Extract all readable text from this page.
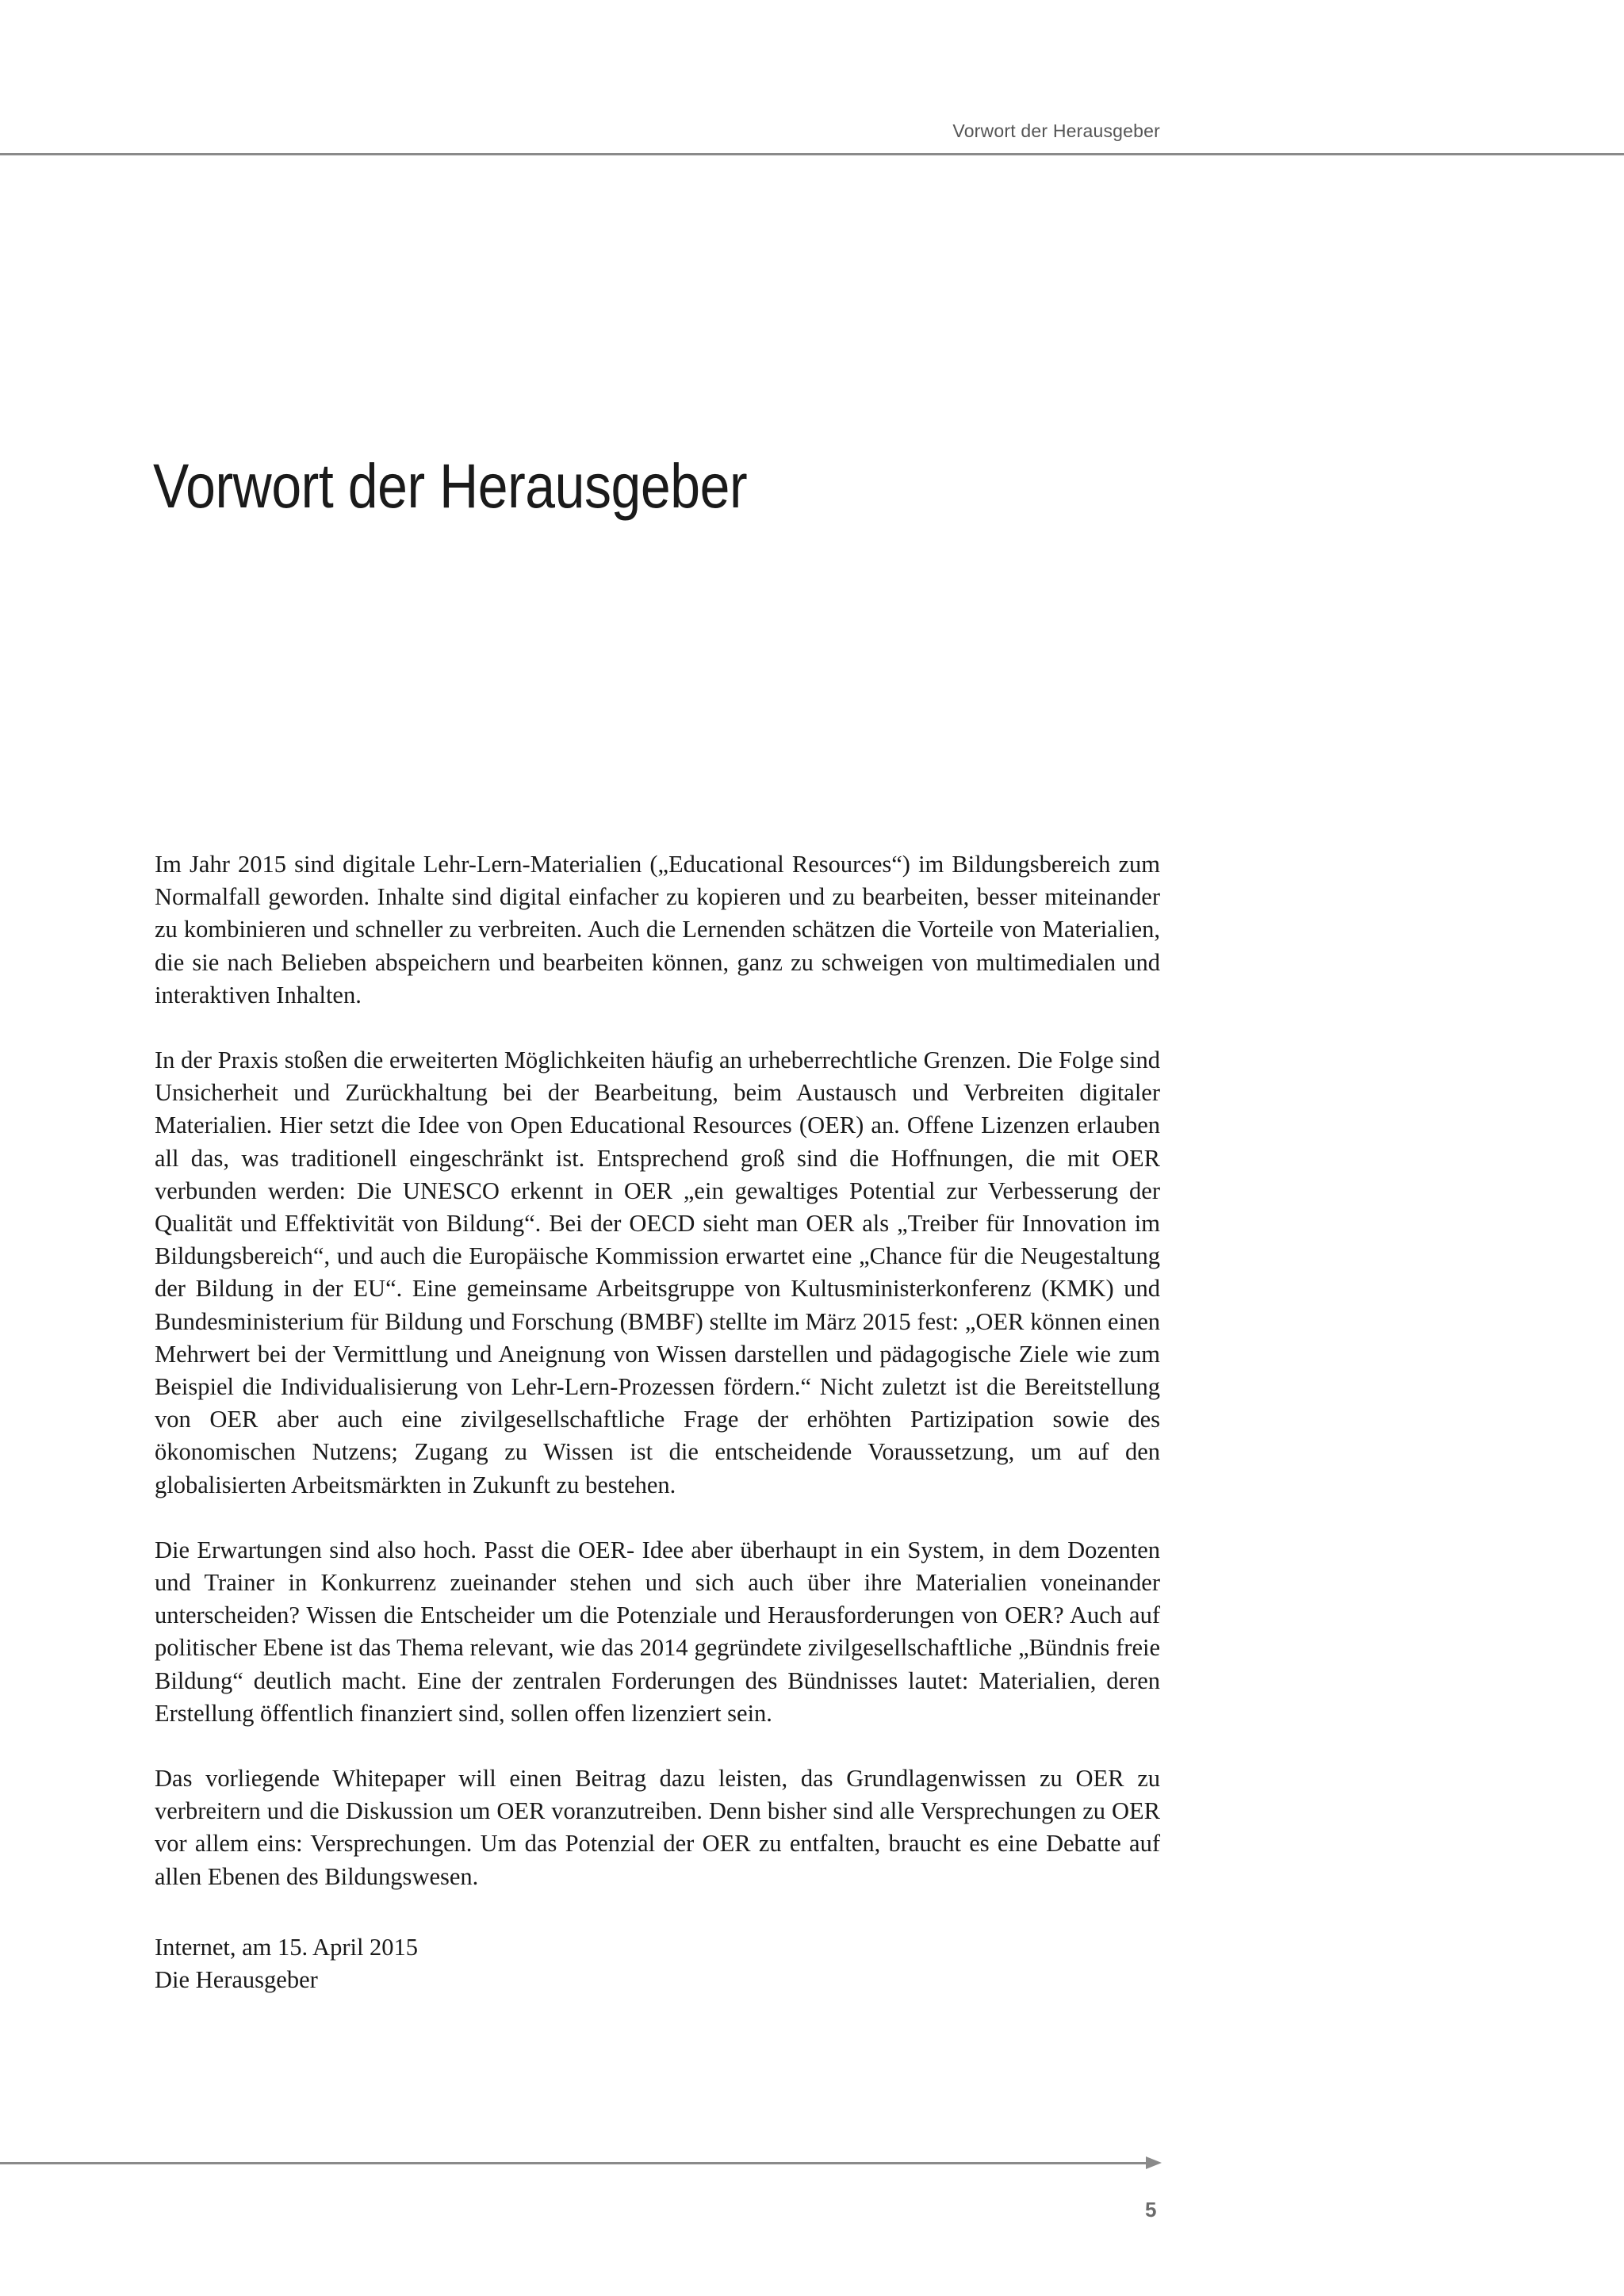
Vorwort der Herausgeber
Vorwort der Herausgeber

Im Jahr 2015 sind digitale Lehr-Lern-Materialien („Educational Resources“) im Bildungsbereich zum Normalfall geworden. Inhalte sind digital einfacher zu kopieren und zu bearbeiten, besser miteinander zu kombinieren und schneller zu verbreiten. Auch die Lernenden schätzen die Vorteile von Materialien, die sie nach Belieben abspeichern und bearbeiten können, ganz zu schweigen von multimedialen und interaktiven Inhalten.

In der Praxis stoßen die erweiterten Möglichkeiten häufig an urheberrechtliche Grenzen. Die Folge sind Unsicherheit und Zurückhaltung bei der Bearbeitung, beim Austausch und Verbreiten digitaler Materialien. Hier setzt die Idee von Open Educational Resources (OER) an. Offene Lizenzen erlauben all das, was traditionell eingeschränkt ist. Entsprechend groß sind die Hoffnungen, die mit OER verbunden werden: Die UNESCO erkennt in OER „ein gewaltiges Potential zur Verbesserung der Qualität und Effektivität von Bildung“. Bei der OECD sieht man OER als „Treiber für Innovation im Bildungsbereich“, und auch die Europäische Kommission erwartet eine „Chance für die Neugestaltung der Bildung in der EU“. Eine gemeinsame Arbeitsgruppe von Kultusministerkonferenz (KMK) und Bundesministerium für Bildung und Forschung (BMBF) stellte im März 2015 fest: „OER können einen Mehrwert bei der Vermittlung und Aneignung von Wissen darstellen und pädagogische Ziele wie zum Beispiel die Individualisierung von Lehr-Lern-Prozessen fördern.“ Nicht zuletzt ist die Bereitstellung von OER aber auch eine zivilgesellschaftliche Frage der erhöhten Partizipation sowie des ökonomischen Nutzens; Zugang zu Wissen ist die entscheidende Voraussetzung, um auf den globalisierten Arbeitsmärkten in Zukunft zu bestehen.

Die Erwartungen sind also hoch. Passt die OER- Idee aber überhaupt in ein System, in dem Dozenten und Trainer in Konkurrenz zueinander stehen und sich auch über ihre Materialien voneinander unterscheiden? Wissen die Entscheider um die Potenziale und Herausforderungen von OER? Auch auf politischer Ebene ist das Thema relevant, wie das 2014 gegründete zivilgesellschaftliche „Bündnis freie Bildung“ deutlich macht. Eine der zentralen Forderungen des Bündnisses lautet: Materialien, deren Erstellung öffentlich finanziert sind, sollen offen lizenziert sein.

Das vorliegende Whitepaper will einen Beitrag dazu leisten, das Grundlagenwissen zu OER zu verbreitern und die Diskussion um OER voranzutreiben. Denn bisher sind alle Versprechungen zu OER vor allem eins: Versprechungen. Um das Potenzial der OER zu entfalten, braucht es eine Debatte auf allen Ebenen des Bildungswesen.

Internet, am 15. April 2015
Die Herausgeber
5
